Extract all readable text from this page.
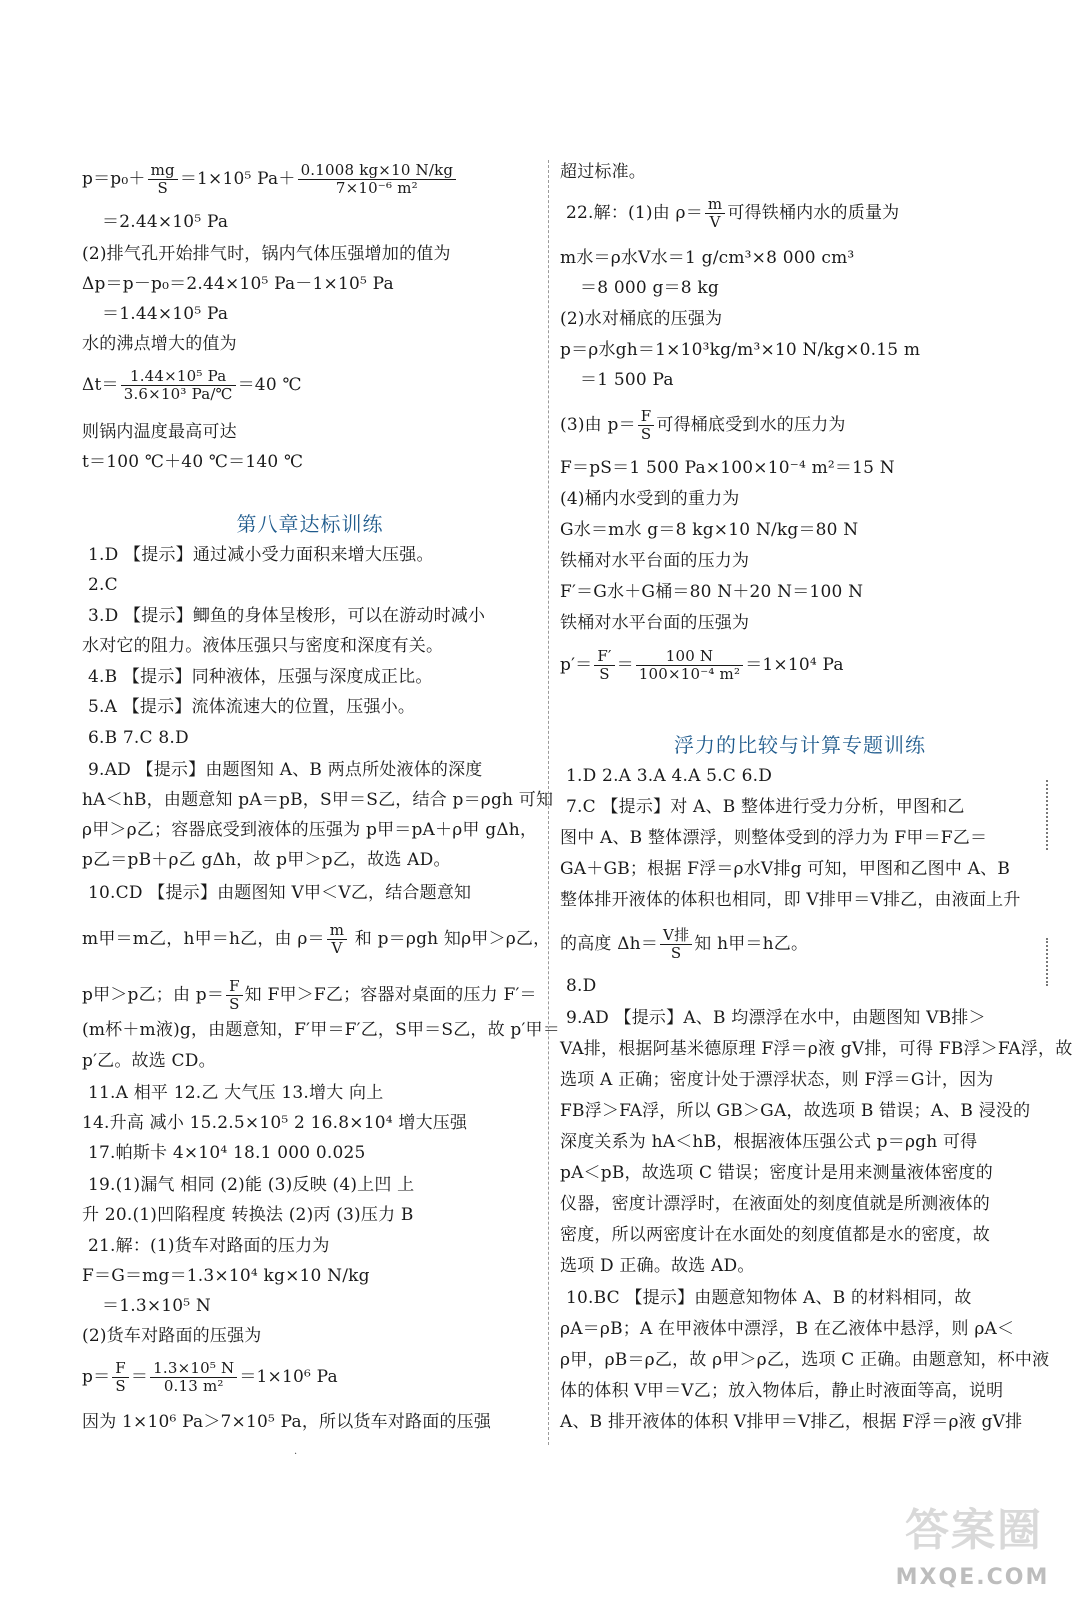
$p=p_0+ \frac{mg}{S} =1\times 10^5$ $Pa+ \frac{0.1008 kg\times 10 N/kg}{\text{7×10⁻⁶ m²}}$
＝2.44×10⁵ Pa
(2)排气孔开始排气时，锅内气体压强增加的值为
Δp＝p－p₀＝2.44×10⁵ Pa－1×10⁵ Pa
＝1.44×10⁵ Pa
水的沸点增大的值为
$\Delta t= \frac{\text{1.44×10⁵ Pa}}{\text{3.6×10³ Pa/℃}} =40$ ℃
则锅内温度最高可达
t＝100 ℃＋40 ℃＝140 ℃
第八章达标训练
1.D 【提示】通过减小受力面积来增大压强。
2.C
3.D 【提示】鲫鱼的身体呈梭形，可以在游动时减小
水对它的阻力。液体压强只与密度和深度有关。
4.B 【提示】同种液体，压强与深度成正比。
5.A 【提示】流体流速大的位置，压强小。
6.B 7.C 8.D
9.AD 【提示】由题图知 A、B 两点所处液体的深度
hA＜hB，由题意知 pA＝pB，S甲＝S乙，结合 p＝ρgh 可知
ρ甲＞ρ乙；容器底受到液体的压强为 p甲＝pA＋ρ甲 gΔh，
p乙＝pB＋ρ乙 gΔh，故 p甲＞p乙，故选 AD。
10.CD 【提示】由题图知 V甲＜V乙，结合题意知
m甲＝m乙，h甲＝h乙，由 $\rho= \frac{m}{V}$ 和 p＝ρgh 知ρ甲＞ρ乙，
p甲＞p乙；由 $p= \frac{F}{S}$ 知 F甲＞F乙；容器对桌面的压力 F′＝
(m杯＋m液)g，由题意知，F′甲＝F′乙，S甲＝S乙，故 p′甲＝
p′乙。故选 CD。
11.A 相平 12.乙 大气压 13.增大 向上
14.升高 减小 15.2.5×10⁵ 2 16.8×10⁴ 增大压强
17.帕斯卡 4×10⁴ 18.1 000 0.025
19.(1)漏气 相同 (2)能 (3)反映 (4)上凹 上
升 20.(1)凹陷程度 转换法 (2)丙 (3)压力 B
21.解：(1)货车对路面的压力为
F＝G＝mg＝1.3×10⁴ kg×10 N/kg
＝1.3×10⁵ N
(2)货车对路面的压强为
$p= \frac{F}{S} = \frac{\text{1.3×10⁵ N}}{\text{0.13 m²}} =1\times 10^6$ Pa
因为 1×10⁶ Pa＞7×10⁵ Pa，所以货车对路面的压强
超过标准。
22.解：(1)由 $\rho= \frac{m}{V}$ 可得铁桶内水的质量为
m水＝ρ水V水＝1 g/cm³×8 000 cm³
＝8 000 g＝8 kg
(2)水对桶底的压强为
p＝ρ水gh＝1×10³kg/m³×10 N/kg×0.15 m
＝1 500 Pa
(3)由 $p= \frac{F}{S}$ 可得桶底受到水的压力为
F＝pS＝1 500 Pa×100×10⁻⁴ m²＝15 N
(4)桶内水受到的重力为
G水＝m水 g＝8 kg×10 N/kg＝80 N
铁桶对水平台面的压力为
F′＝G水＋G桶＝80 N＋20 N＝100 N
铁桶对水平台面的压强为
$p'= \frac{F'}{S} = \frac{100 N}{\text{100×10⁻⁴ m²}} =1\times 10^4$ Pa
浮力的比较与计算专题训练
1.D 2.A 3.A 4.A 5.C 6.D
7.C 【提示】对 A、B 整体进行受力分析，甲图和乙
图中 A、B 整体漂浮，则整体受到的浮力为 F甲＝F乙＝
GA＋GB；根据 F浮＝ρ水V排g 可知，甲图和乙图中 A、B
整体排开液体的体积也相同，即 V排甲＝V排乙，由液面上升
的高度 $\Delta h= \frac{\text{V排}}{S}$ 知 h甲＝h乙。
8.D
9.AD 【提示】A、B 均漂浮在水中，由题图知 VB排＞
VA排，根据阿基米德原理 F浮＝ρ液 gV排，可得 FB浮＞FA浮，故
选项 A 正确；密度计处于漂浮状态，则 F浮＝G计，因为
FB浮＞FA浮，所以 GB＞GA，故选项 B 错误；A、B 浸没的
深度关系为 hA＜hB，根据液体压强公式 p＝ρgh 可得
pA＜pB，故选项 C 错误；密度计是用来测量液体密度的
仪器，密度计漂浮时，在液面处的刻度值就是所测液体的
密度，所以两密度计在水面处的刻度值都是水的密度，故
选项 D 正确。故选 AD。
10.BC 【提示】由题意知物体 A、B 的材料相同，故
ρA＝ρB；A 在甲液体中漂浮，B 在乙液体中悬浮，则 ρA＜
ρ甲，ρB＝ρ乙，故 ρ甲＞ρ乙，选项 C 正确。由题意知，杯中液
体的体积 V甲＝V乙；放入物体后，静止时液面等高，说明
A、B 排开液体的体积 V排甲＝V排乙，根据 F浮＝ρ液 gV排
·
答案圈
MXQE.COM
